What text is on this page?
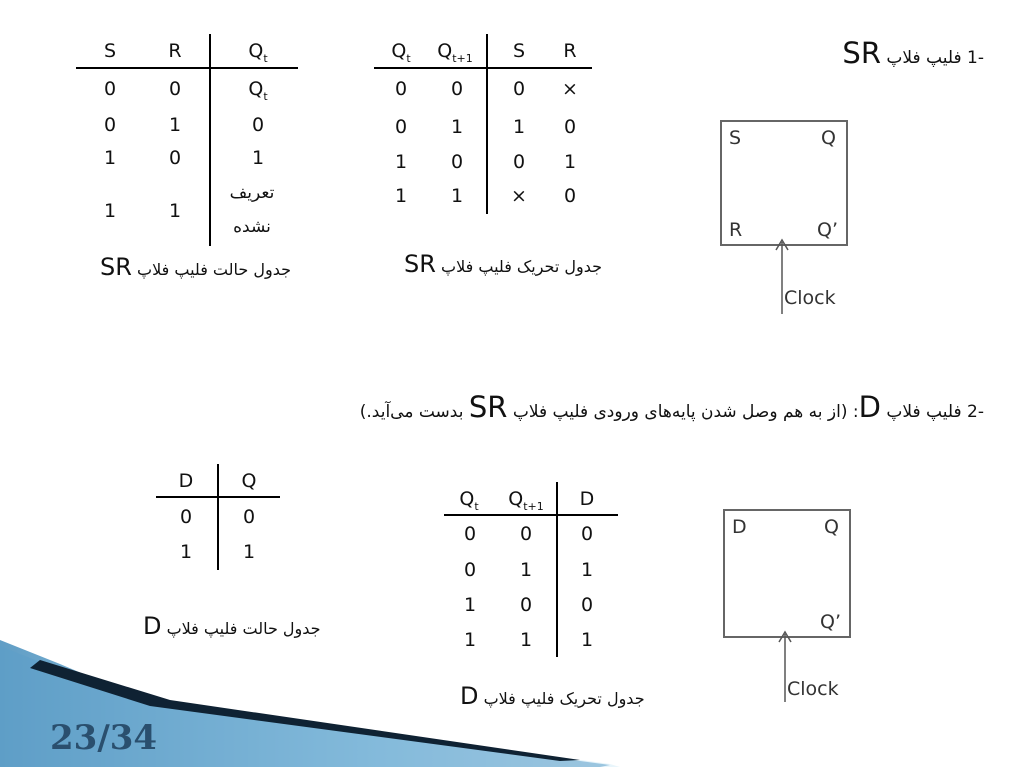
-1 فلیپ فلاپ SR
S	R	$Q_t$
0	0	$Q_t$
0	1	0
1	0	1
1	1
تعریف
نشده
جدول حالت فلیپ فلاپ SR
$Q_t$	$Q_{t+1}$	S	R
0	0	0	×
0	1	1	0
1	0	0	1
1	1	×	0
جدول تحریک فلیپ فلاپ SR
S	Q
R	Q’
Clock
-2 فلیپ فلاپ D: (از به هم وصل شدن پایه‌های ورودی فلیپ فلاپ SR بدست می‌آید.)
D	Q
0	0
1	1
جدول حالت فلیپ فلاپ D
$Q_t$	$Q_{t+1}$	D
0	0	0
0	1	1
1	0	0
1	1	1
جدول تحریک فلیپ فلاپ D
D	Q
Q’
Clock
23/34
